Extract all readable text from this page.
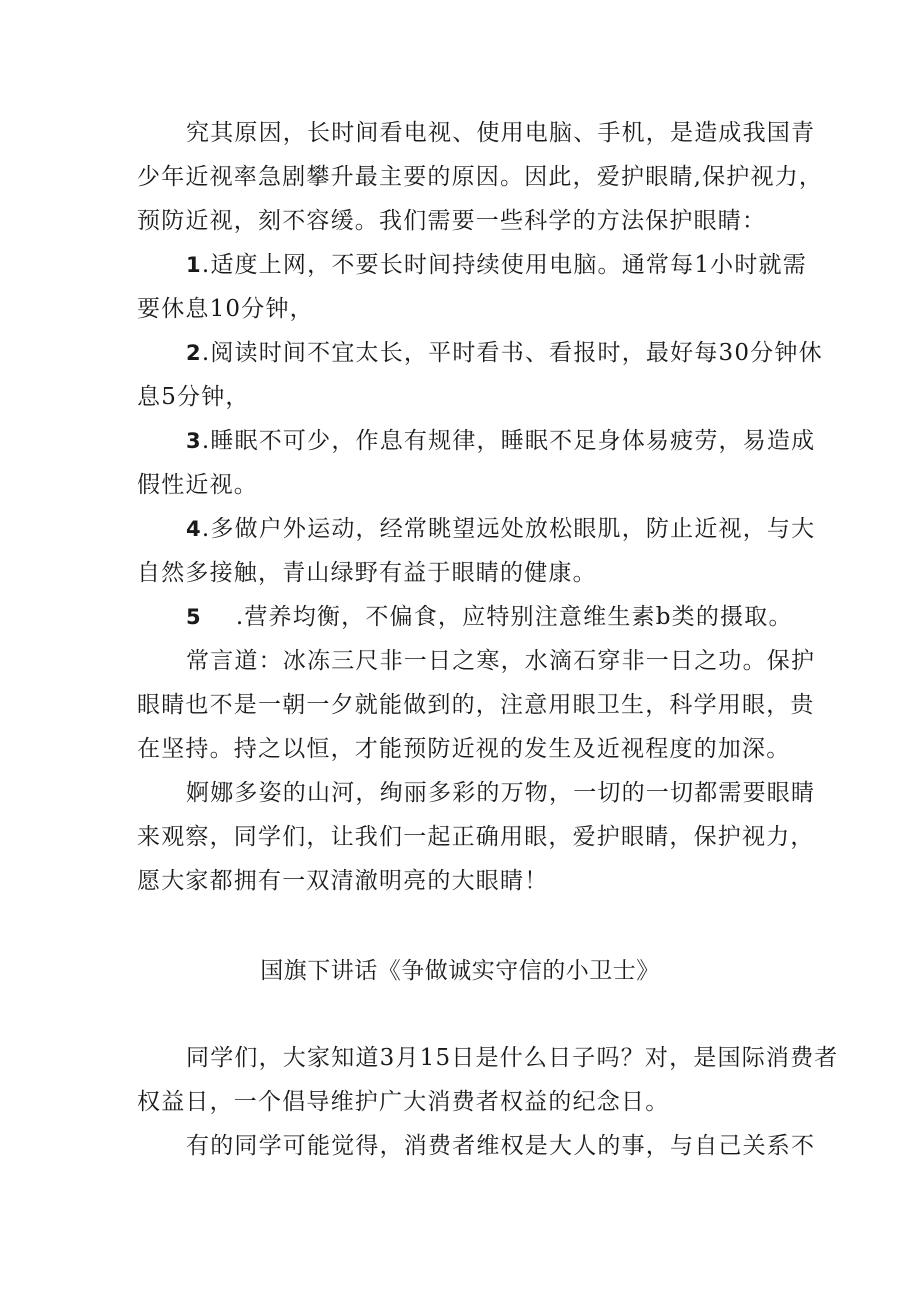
究其原因，长时间看电视、使用电脑、手机，是造成我国青
少年近视率急剧攀升最主要的原因。因此，爱护眼睛,保护视力，
预防近视，刻不容缓。我们需要一些科学的方法保护眼睛：
1.适度上网，不要长时间持续使用电脑。通常每1小时就需
要休息10分钟，
2.阅读时间不宜太长，平时看书、看报时，最好每30分钟休
息5分钟，
3.睡眠不可少，作息有规律，睡眠不足身体易疲劳，易造成
假性近视。
4.多做户外运动，经常眺望远处放松眼肌，防止近视，与大
自然多接触，青山绿野有益于眼睛的健康。
5 .营养均衡，不偏食，应特别注意维生素b类的摄取。
常言道：冰冻三尺非一日之寒，水滴石穿非一日之功。保护
眼睛也不是一朝一夕就能做到的，注意用眼卫生，科学用眼，贵
在坚持。持之以恒，才能预防近视的发生及近视程度的加深。
婀娜多姿的山河，绚丽多彩的万物，一切的一切都需要眼睛
来观察，同学们，让我们一起正确用眼，爱护眼睛，保护视力，
愿大家都拥有一双清澈明亮的大眼睛！
国旗下讲话《争做诚实守信的小卫士》
同学们，大家知道3月15日是什么日子吗？对，是国际消费者
权益日，一个倡导维护广大消费者权益的纪念日。
有的同学可能觉得，消费者维权是大人的事，与自己关系不
